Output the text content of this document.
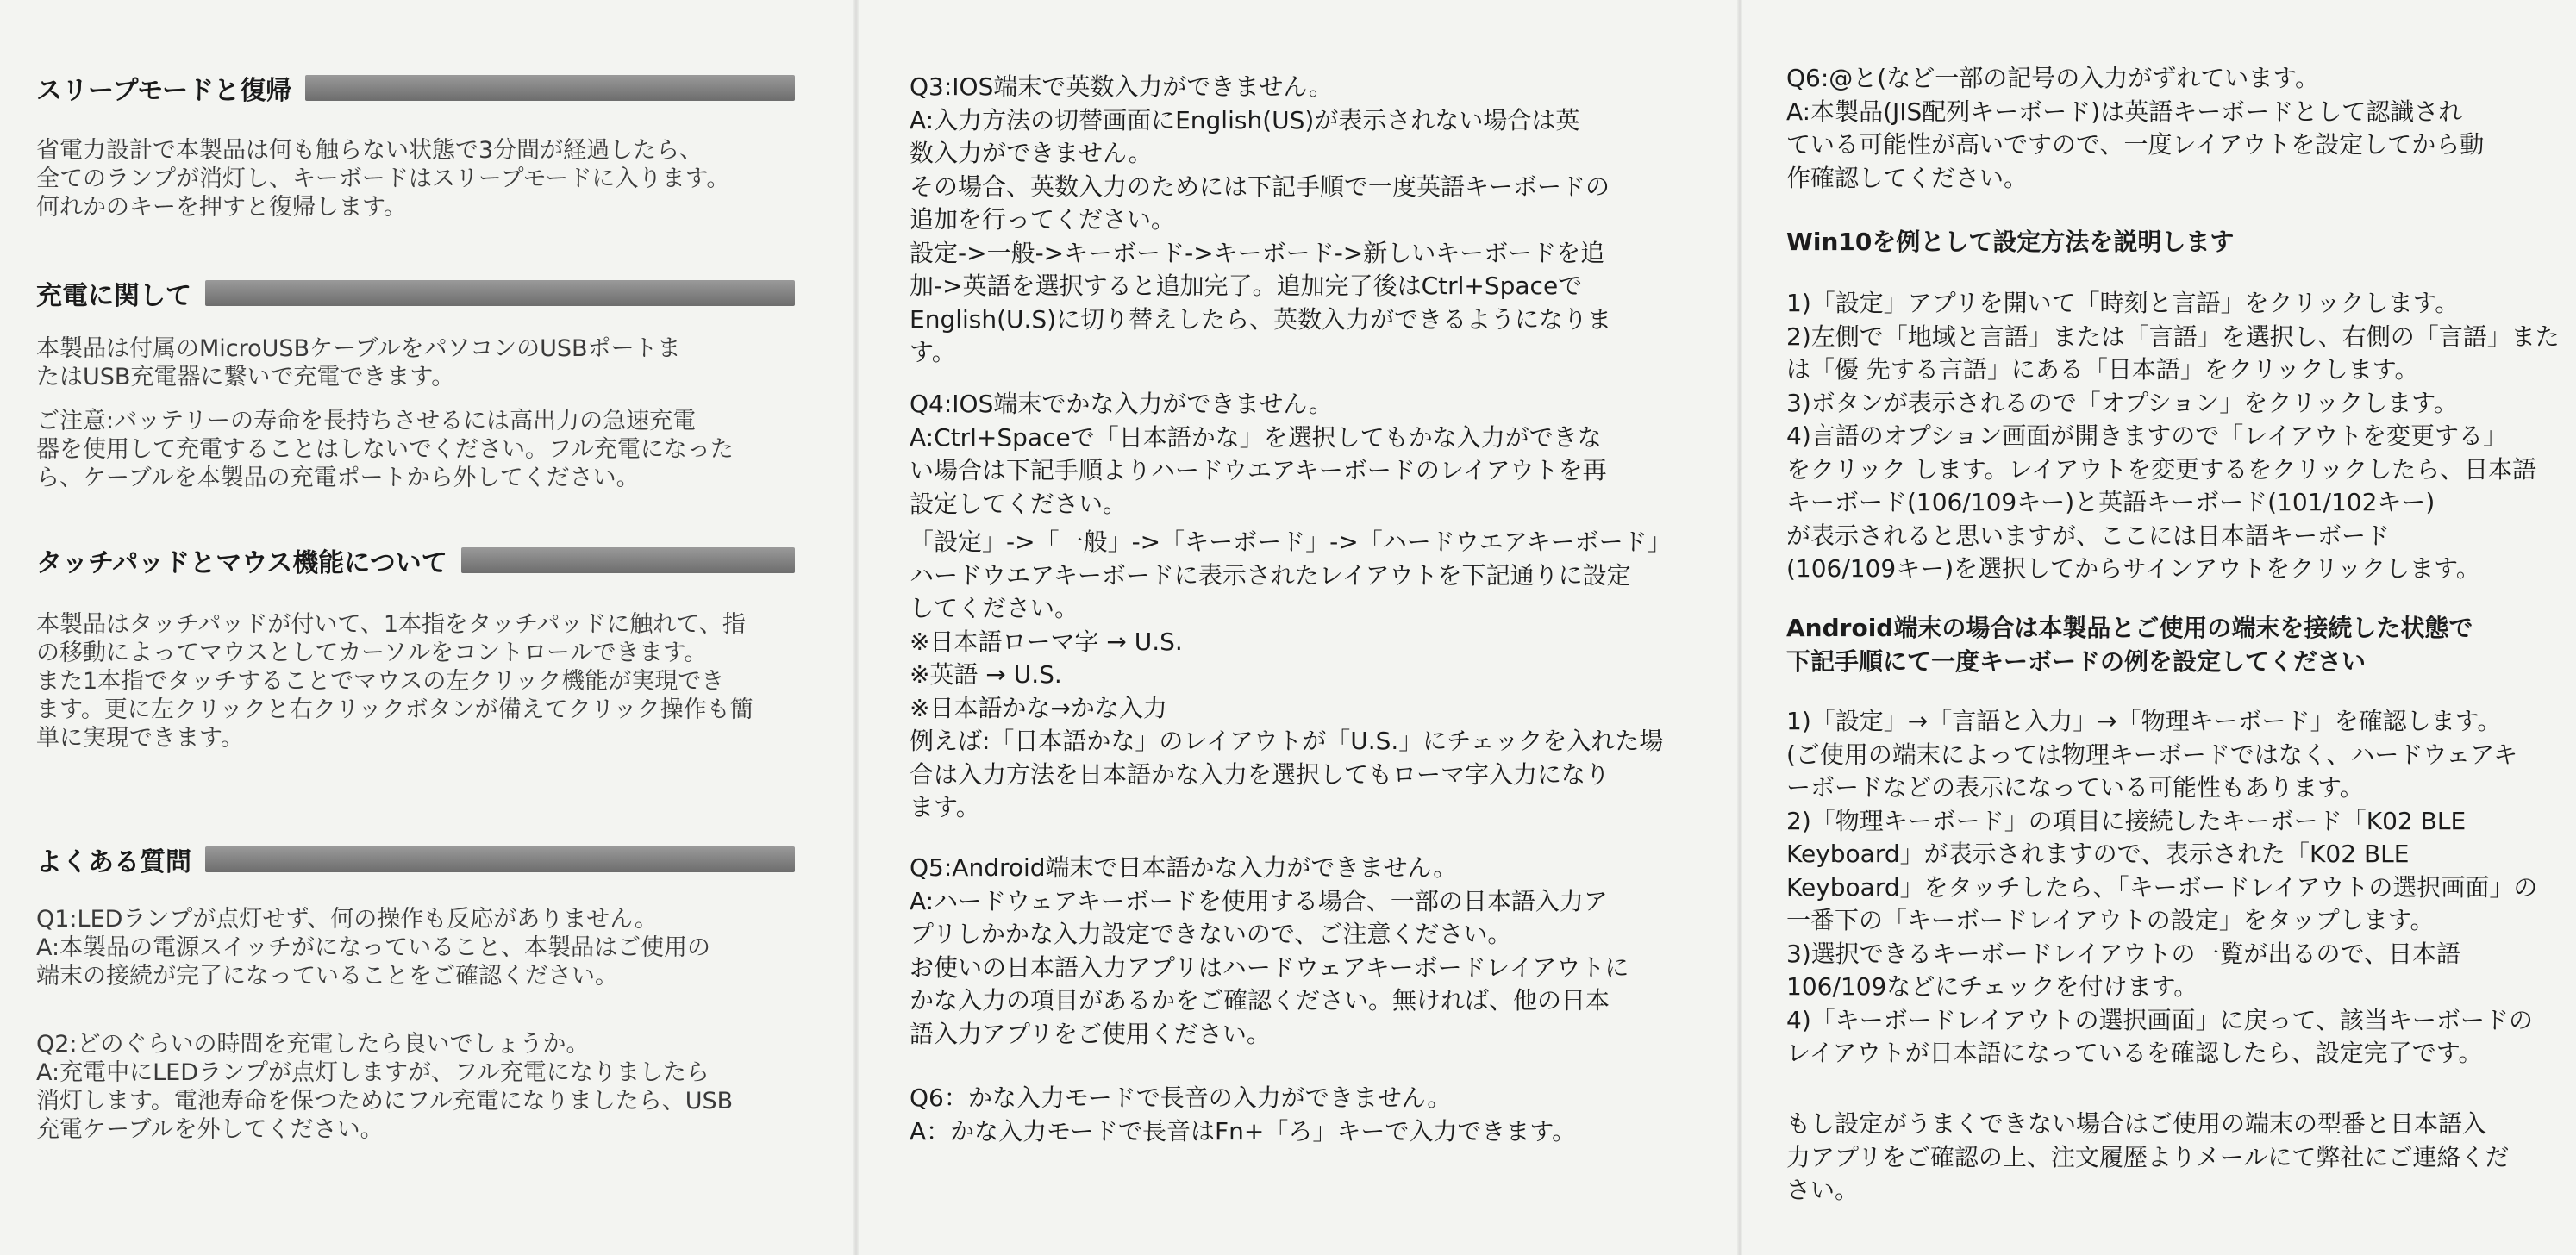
スリープモードと復帰
省電力設計で本製品は何も触らない状態で3分間が経過したら、
全てのランプが消灯し、キーボードはスリープモードに入ります。
何れかのキーを押すと復帰します。
充電に関して
本製品は付属のMicroUSBケーブルをパソコンのUSBポートま
たはUSB充電器に繋いで充電できます。
ご注意:バッテリーの寿命を長持ちさせるには高出力の急速充電
器を使用して充電することはしないでください。フル充電になった
ら、ケーブルを本製品の充電ポートから外してください。
タッチパッドとマウス機能について
本製品はタッチパッドが付いて、1本指をタッチパッドに触れて、指
の移動によってマウスとしてカーソルをコントロールできます。
また1本指でタッチすることでマウスの左クリック機能が実現でき
ます。更に左クリックと右クリックボタンが備えてクリック操作も簡
単に実現できます。
よくある質問
Q1:LEDランプが点灯せず、何の操作も反応がありません。
A:本製品の電源スイッチがになっていること、本製品はご使用の
端末の接続が完了になっていることをご確認ください。
Q2:どのぐらいの時間を充電したら良いでしょうか。
A:充電中にLEDランプが点灯しますが、フル充電になりましたら
消灯します。電池寿命を保つためにフル充電になりましたら、USB
充電ケーブルを外してください。
Q3:IOS端末で英数入力ができません。
A:入力方法の切替画面にEnglish(US)が表示されない場合は英
数入力ができません。
その場合、英数入力のためには下記手順で一度英語キーボードの
追加を行ってください。
設定->一般->キーボード->キーボード->新しいキーボードを追
加->英語を選択すると追加完了。追加完了後はCtrl+Spaceで
English(U.S)に切り替えしたら、英数入力ができるようになりま
す。
Q4:IOS端末でかな入力ができません。
A:Ctrl+Spaceで「日本語かな」を選択してもかな入力ができな
い場合は下記手順よりハードウエアキーボードのレイアウトを再
設定してください。
「設定」->「一般」->「キーボード」->「ハードウエアキーボード」
ハードウエアキーボードに表示されたレイアウトを下記通りに設定
してください。
※日本語ローマ字 → U.S.
※英語 → U.S.
※日本語かな→かな入力
例えば:「日本語かな」のレイアウトが「U.S.」にチェックを入れた場
合は入力方法を日本語かな入力を選択してもローマ字入力になり
ます。
Q5:Android端末で日本語かな入力ができません。
A:ハードウェアキーボードを使用する場合、一部の日本語入力ア
プリしかかな入力設定できないので、ご注意ください。
お使いの日本語入力アプリはハードウェアキーボードレイアウトに
かな入力の項目があるかをご確認ください。無ければ、他の日本
語入力アプリをご使用ください。
Q6：かな入力モードで長音の入力ができません。
A：かな入力モードで長音はFn+「ろ」キーで入力できます。
Q6:@と(など一部の記号の入力がずれています。
A:本製品(JIS配列キーボード)は英語キーボードとして認識され
ている可能性が高いですので、一度レイアウトを設定してから動
作確認してください。
Win10を例として設定方法を説明します
1)「設定」アプリを開いて「時刻と言語」をクリックします。
2)左側で「地域と言語」または「言語」を選択し、右側の「言語」また
は「優 先する言語」にある「日本語」をクリックします。
3)ボタンが表示されるので「オプション」をクリックします。
4)言語のオプション画面が開きますので「レイアウトを変更する」
をクリック します。レイアウトを変更するをクリックしたら、日本語
キーボード(106/109キー)と英語キーボード(101/102キー)
が表示されると思いますが、ここには日本語キーボード
(106/109キー)を選択してからサインアウトをクリックします。
Android端末の場合は本製品とご使用の端末を接続した状態で
下記手順にて一度キーボードの例を設定してください
1)「設定」→「言語と入力」→「物理キーボード」を確認します。
(ご使用の端末によっては物理キーボードではなく、ハードウェアキ
ーボードなどの表示になっている可能性もあります。
2)「物理キーボード」の項目に接続したキーボード「K02 BLE
Keyboard」が表示されますので、表示された「K02 BLE
Keyboard」をタッチしたら、「キーボードレイアウトの選択画面」の
一番下の「キーボードレイアウトの設定」をタップします。
3)選択できるキーボードレイアウトの一覧が出るので、日本語
106/109などにチェックを付けます。
4)「キーボードレイアウトの選択画面」に戻って、該当キーボードの
レイアウトが日本語になっているを確認したら、設定完了です。
もし設定がうまくできない場合はご使用の端末の型番と日本語入
力アプリをご確認の上、注文履歴よりメールにて弊社にご連絡くだ
さい。
